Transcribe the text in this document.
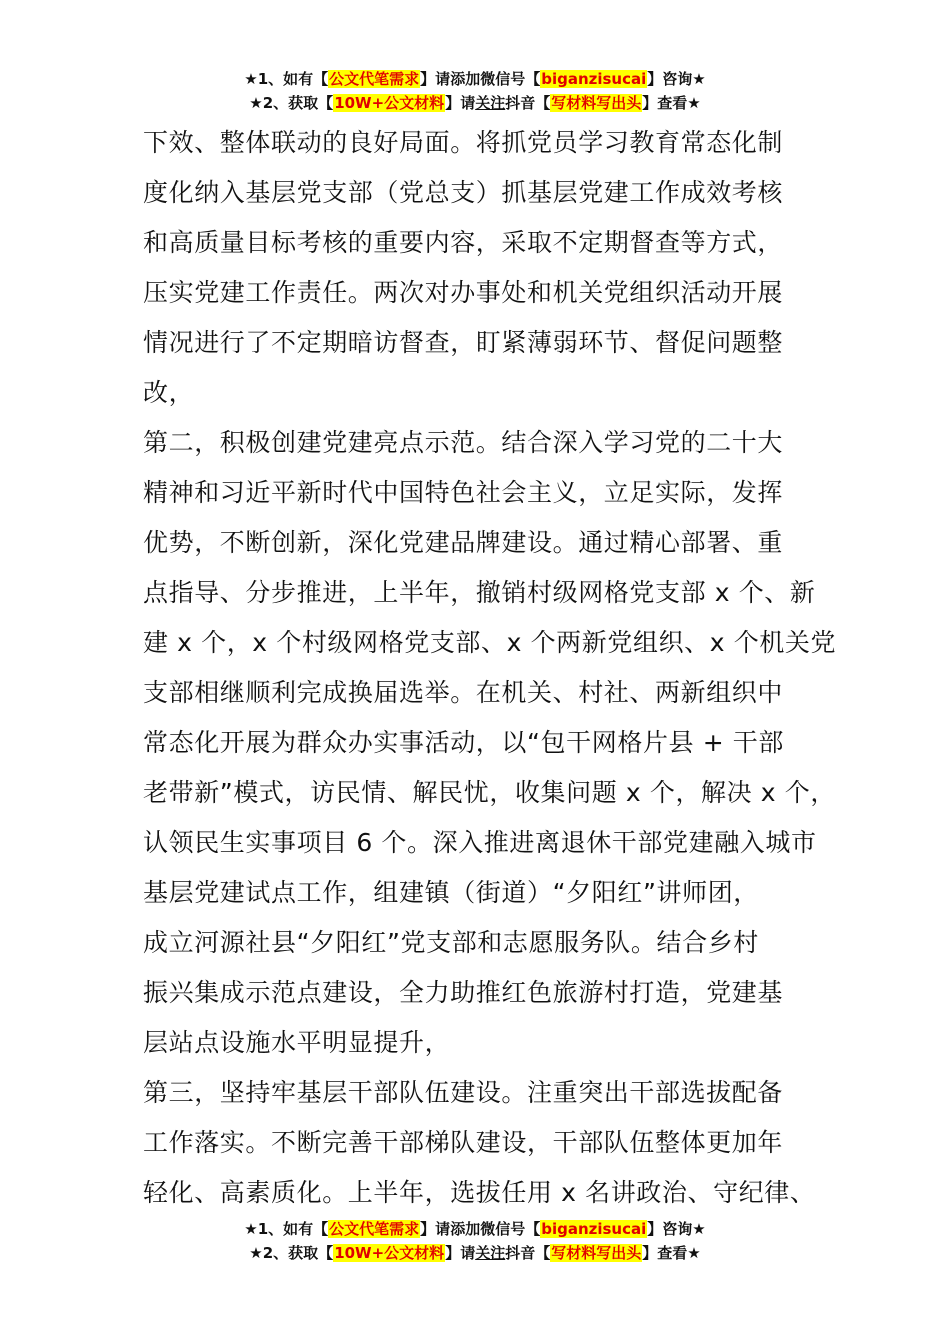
★1、如有【公文代笔需求】请添加微信号【biganzisucai】咨询★
★2、获取【10W+公文材料】请关注抖音【写材料写出头】查看★
下效、整体联动的良好局面。将抓党员学习教育常态化制
度化纳入基层党支部（党总支）抓基层党建工作成效考核
和高质量目标考核的重要内容，采取不定期督查等方式，
压实党建工作责任。两次对办事处和机关党组织活动开展
情况进行了不定期暗访督查，盯紧薄弱环节、督促问题整
改，
第二，积极创建党建亮点示范。结合深入学习党的二十大
精神和习近平新时代中国特色社会主义，立足实际，发挥
优势，不断创新，深化党建品牌建设。通过精心部署、重
点指导、分步推进，上半年，撤销村级网格党支部 x 个、新
建 x 个，x 个村级网格党支部、x 个两新党组织、x 个机关党
支部相继顺利完成换届选举。在机关、村社、两新组织中
常态化开展为群众办实事活动，以“包干网格片县 + 干部
老带新”模式，访民情、解民忧，收集问题 x 个，解决 x 个，
认领民生实事项目 6 个。深入推进离退休干部党建融入城市
基层党建试点工作，组建镇（街道）“夕阳红”讲师团，
成立河源社县“夕阳红”党支部和志愿服务队。结合乡村
振兴集成示范点建设，全力助推红色旅游村打造，党建基
层站点设施水平明显提升，
第三，坚持牢基层干部队伍建设。注重突出干部选拔配备
工作落实。不断完善干部梯队建设，干部队伍整体更加年
轻化、高素质化。上半年，选拔任用 x 名讲政治、守纪律、
★1、如有【公文代笔需求】请添加微信号【biganzisucai】咨询★
★2、获取【10W+公文材料】请关注抖音【写材料写出头】查看★
